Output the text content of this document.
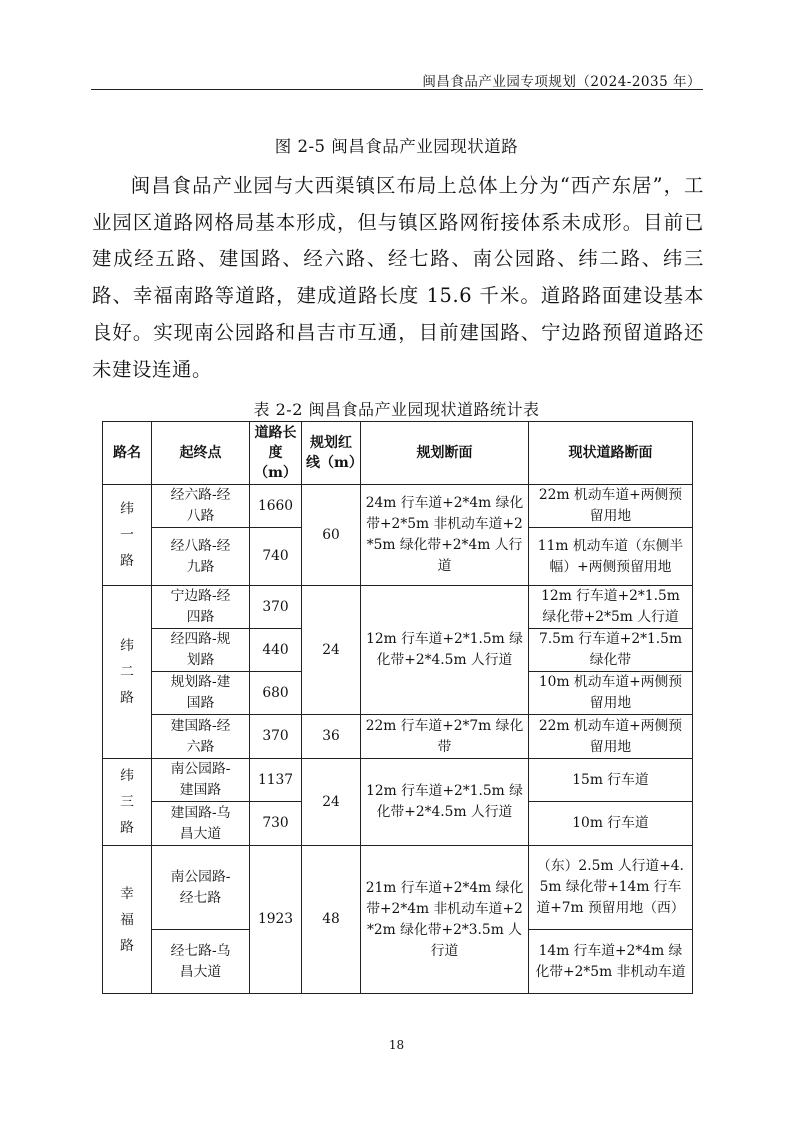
闽昌食品产业园专项规划（2024-2035 年）
图 2-5 闽昌食品产业园现状道路

闽昌食品产业园与大西渠镇区布局上总体上分为“西产东居”，工业园区道路网格局基本形成，但与镇区路网衔接体系未成形。目前已建成经五路、建国路、经六路、经七路、南公园路、纬二路、纬三路、幸福南路等道路，建成道路长度 15.6 千米。道路路面建设基本良好。实现南公园路和昌吉市互通，目前建国路、宁边路预留道路还未建设连通。

表 2-2 闽昌食品产业园现状道路统计表
路名	起终点	道路长度（m）	规划红线（m）	规划断面	现状道路断面
纬一路	经六路-经八路	1660	60	24m 行车道+2*4m 绿化带+2*5m 非机动车道+2*5m 绿化带+2*4m 人行道	22m 机动车道+两侧预留用地
	经八路-经九路	740			11m 机动车道（东侧半幅）+两侧预留用地
纬二路	宁边路-经四路	370	24	12m 行车道+2*1.5m 绿化带+2*4.5m 人行道	12m 行车道+2*1.5m 绿化带+2*5m 人行道
	经四路-规划路	440			7.5m 行车道+2*1.5m 绿化带
	规划路-建国路	680			10m 机动车道+两侧预留用地
	建国路-经六路	370	36	22m 行车道+2*7m 绿化带	22m 机动车道+两侧预留用地
纬三路	南公园路-建国路	1137	24	12m 行车道+2*1.5m 绿化带+2*4.5m 人行道	15m 行车道
	建国路-乌昌大道	730			10m 行车道
幸福路	南公园路-经七路	1923	48	21m 行车道+2*4m 绿化带+2*4m 非机动车道+2*2m 绿化带+2*3.5m 人行道	（东）2.5m 人行道+4.5m 绿化带+14m 行车道+7m 预留用地（西）
	经七路-乌昌大道				14m 行车道+2*4m 绿化带+2*5m 非机动车道
18
